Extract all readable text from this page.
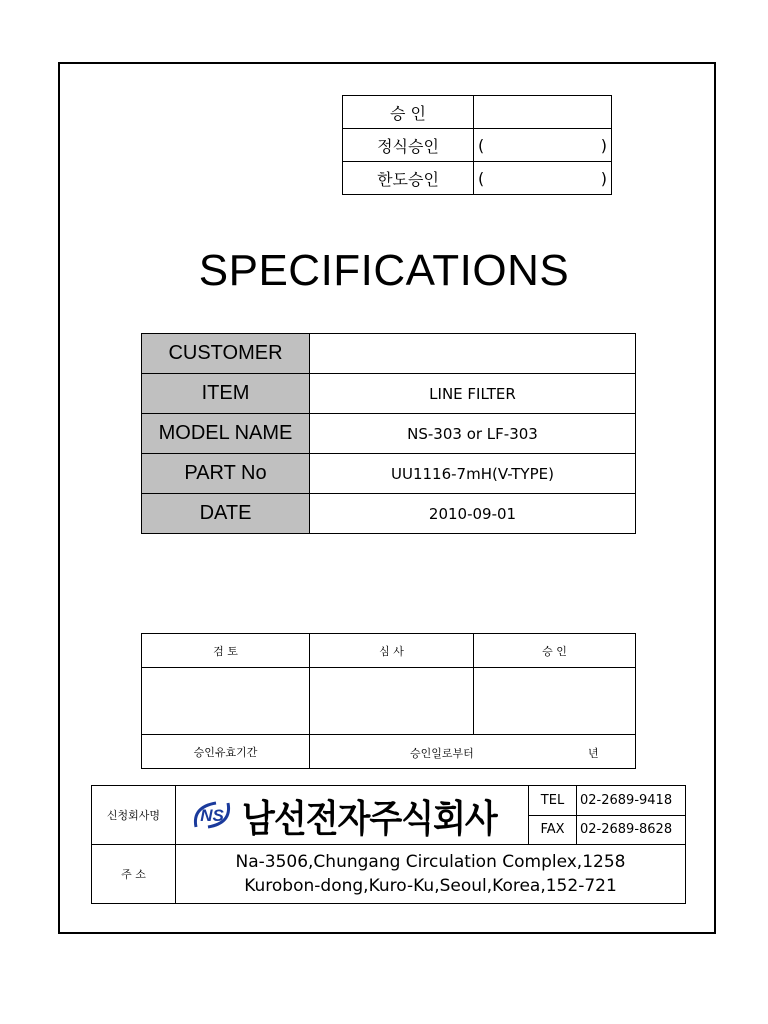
승 인	
정식승인	( )

한도승인	( )
SPECIFICATIONS
CUSTOMER	
ITEM	LINE FILTER
MODEL NAME	NS-303 or LF-303
PART No	UU1116-7mH(V-TYPE)
DATE	2010-09-01
검 토	심 사	승 인

승인유효기간	승인일로부터 년	
신청회사명	NS 남선전자주식회사	TEL	02-2689-9418
		FAX	02-2689-8628
주 소	Na-3506,Chungang Circulation Complex,1258
Kurobon-dong,Kuro-Ku,Seoul,Korea,152-721		
